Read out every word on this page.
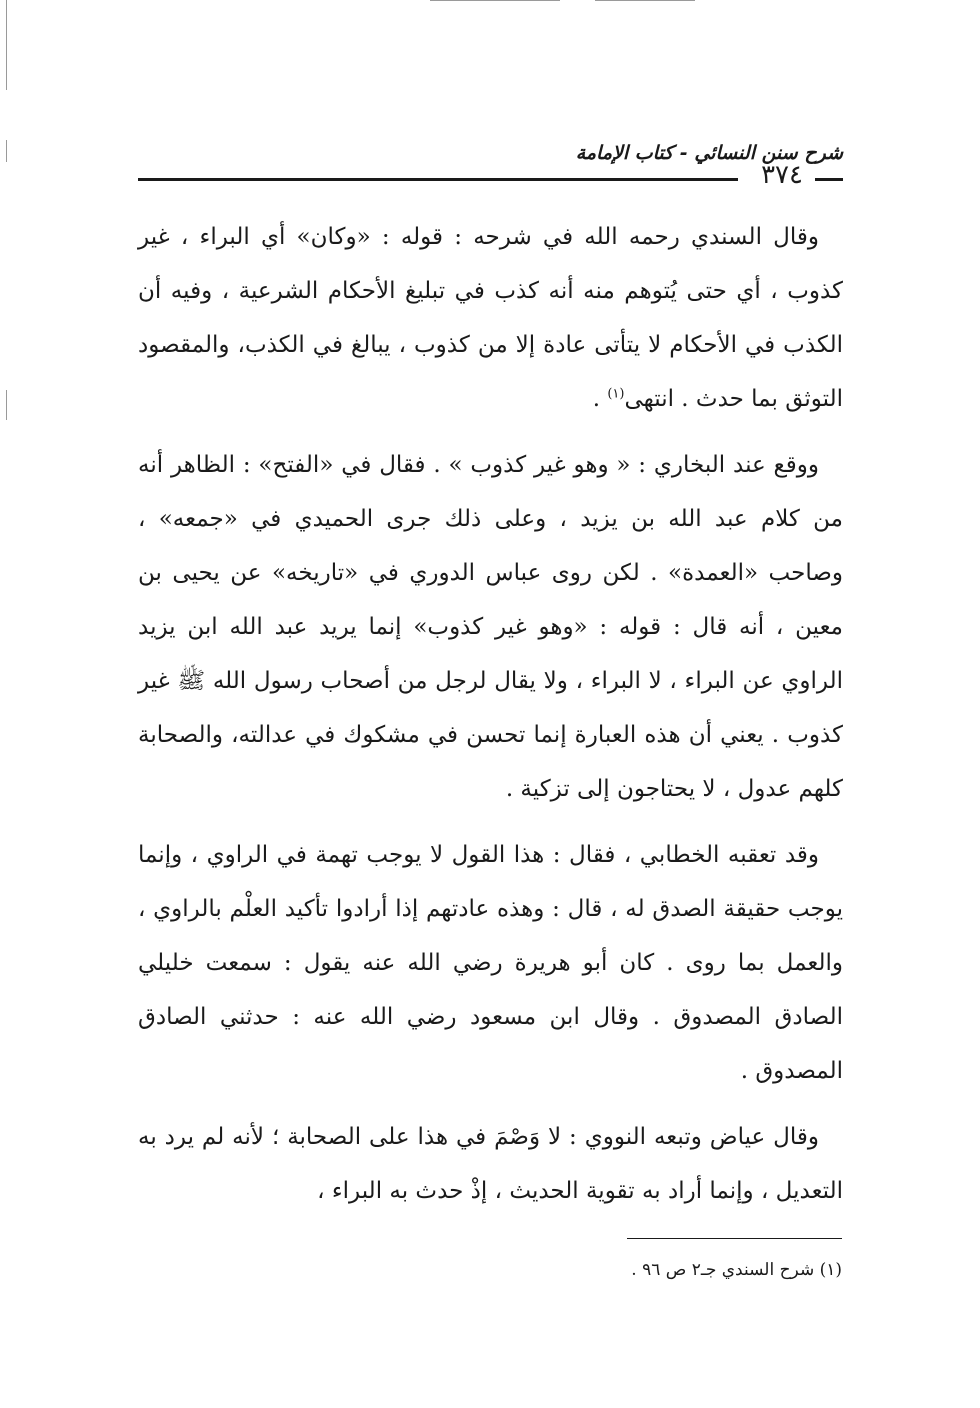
شرح سنن النسائي - كتاب الإمامة
٣٧٤

وقال السندي رحمه الله في شرحه : قوله : «وكان» أي البراء ، غير كذوب ، أي حتى يُتوهم منه أنه كذب في تبليغ الأحكام الشرعية ، وفيه أن الكذب في الأحكام لا يتأتى عادة إلا من كذوب ، يبالغ في الكذب، والمقصود التوثق بما حدث . انتهى$^{(١)}$ .

ووقع عند البخاري : « وهو غير كذوب » . فقال في «الفتح» : الظاهر أنه من كلام عبد الله بن يزيد ، وعلى ذلك جرى الحميدي في «جمعه» ، وصاحب «العمدة» . لكن روى عباس الدوري في «تاريخه» عن يحيى بن معين ، أنه قال : قوله : «وهو غير كذوب» إنما يريد عبد الله ابن يزيد الراوي عن البراء ، لا البراء ، ولا يقال لرجل من أصحاب رسول الله ﷺ غير كذوب . يعني أن هذه العبارة إنما تحسن في مشكوك في عدالته، والصحابة كلهم عدول ، لا يحتاجون إلى تزكية .

وقد تعقبه الخطابي ، فقال : هذا القول لا يوجب تهمة في الراوي ، وإنما يوجب حقيقة الصدق له ، قال : وهذه عادتهم إذا أرادوا تأكيد العلْم بالراوي ، والعمل بما روى . كان أبو هريرة رضي الله عنه يقول : سمعت خليلي الصادق المصدوق . وقال ابن مسعود رضي الله عنه : حدثني الصادق المصدوق .

وقال عياض وتبعه النووي : لا وَصْمَ في هذا على الصحابة ؛ لأنه لم يرد به التعديل ، وإنما أراد به تقوية الحديث ، إذْ حدث به البراء ،

(١) شرح السندي جـ٢ ص ٩٦ .
